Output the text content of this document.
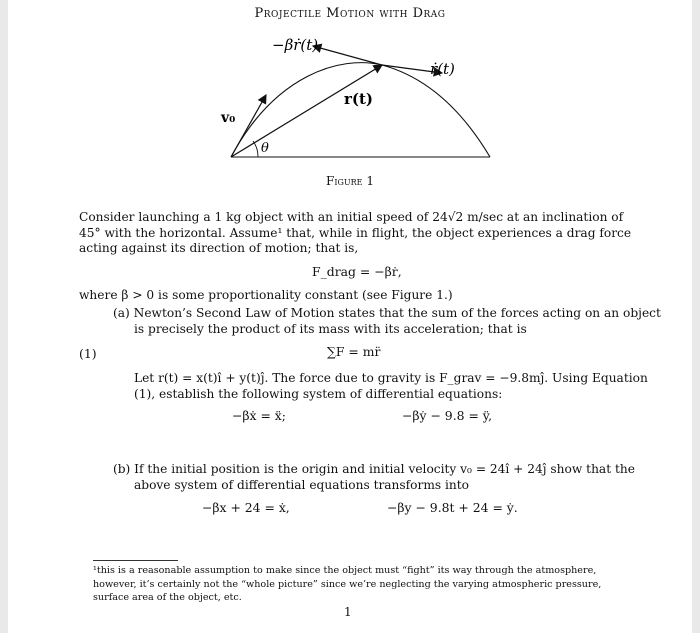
Projectile Motion with Drag
−βṙ(t)
ṙ(t)
r(t)
v₀
θ
Figure 1
Consider launching a 1 kg object with an initial speed of 24√2 m/sec at an inclination of
45° with the horizontal. Assume¹ that, while in flight, the object experiences a drag force
acting against its direction of motion; that is,
F_drag = −βṙ,
where β > 0 is some proportionality constant (see Figure 1.)
(a) Newton’s Second Law of Motion states that the sum of the forces acting on an object
is precisely the product of its mass with its acceleration; that is
(1)	∑F = mr̈
Let r(t) = x(t)î + y(t)ĵ. The force due to gravity is F_grav = −9.8mĵ. Using Equation
(1), establish the following system of differential equations:
−βẋ = ẍ;	−βẏ − 9.8 = ÿ,
(b) If the initial position is the origin and initial velocity v₀ = 24î + 24ĵ show that the
above system of differential equations transforms into
−βx + 24 = ẋ,	−βy − 9.8t + 24 = ẏ.
¹this is a reasonable assumption to make since the object must “fight” its way through the atmosphere,
however, it’s certainly not the “whole picture” since we’re neglecting the varying atmospheric pressure,
surface area of the object, etc.
1
